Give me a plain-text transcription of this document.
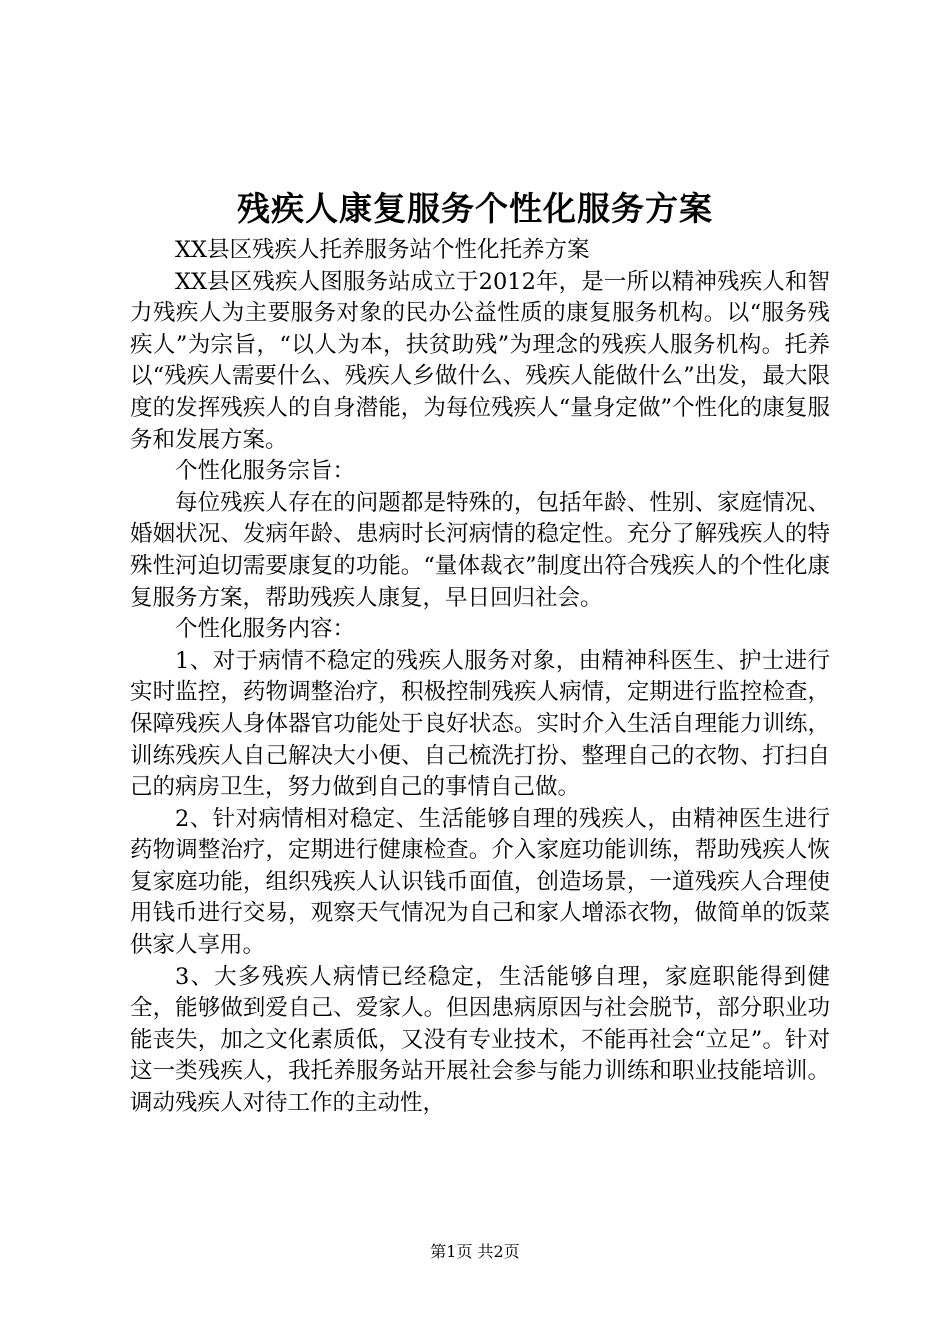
残疾人康复服务个性化服务方案

XX县区残疾人托养服务站个性化托养方案

XX县区残疾人图服务站成立于2012年，是一所以精神残疾人和智力残疾人为主要服务对象的民办公益性质的康复服务机构。以“服务残疾人”为宗旨，“以人为本，扶贫助残”为理念的残疾人服务机构。托养以“残疾人需要什么、残疾人乡做什么、残疾人能做什么”出发，最大限度的发挥残疾人的自身潜能，为每位残疾人“量身定做”个性化的康复服务和发展方案。

个性化服务宗旨：

每位残疾人存在的问题都是特殊的，包括年龄、性别、家庭情况、婚姻状况、发病年龄、患病时长河病情的稳定性。充分了解残疾人的特殊性河迫切需要康复的功能。“量体裁衣”制度出符合残疾人的个性化康复服务方案，帮助残疾人康复，早日回归社会。

个性化服务内容：

1、对于病情不稳定的残疾人服务对象，由精神科医生、护士进行实时监控，药物调整治疗，积极控制残疾人病情，定期进行监控检查，保障残疾人身体器官功能处于良好状态。实时介入生活自理能力训练，训练残疾人自己解决大小便、自己梳洗打扮、整理自己的衣物、打扫自己的病房卫生，努力做到自己的事情自己做。

2、针对病情相对稳定、生活能够自理的残疾人，由精神医生进行药物调整治疗，定期进行健康检查。介入家庭功能训练，帮助残疾人恢复家庭功能，组织残疾人认识钱币面值，创造场景，一道残疾人合理使用钱币进行交易，观察天气情况为自己和家人增添衣物，做简单的饭菜供家人享用。

3、大多残疾人病情已经稳定，生活能够自理，家庭职能得到健全，能够做到爱自己、爱家人。但因患病原因与社会脱节，部分职业功能丧失，加之文化素质低，又没有专业技术，不能再社会“立足”。针对这一类残疾人，我托养服务站开展社会参与能力训练和职业技能培训。调动残疾人对待工作的主动性，

第1页 共2页
